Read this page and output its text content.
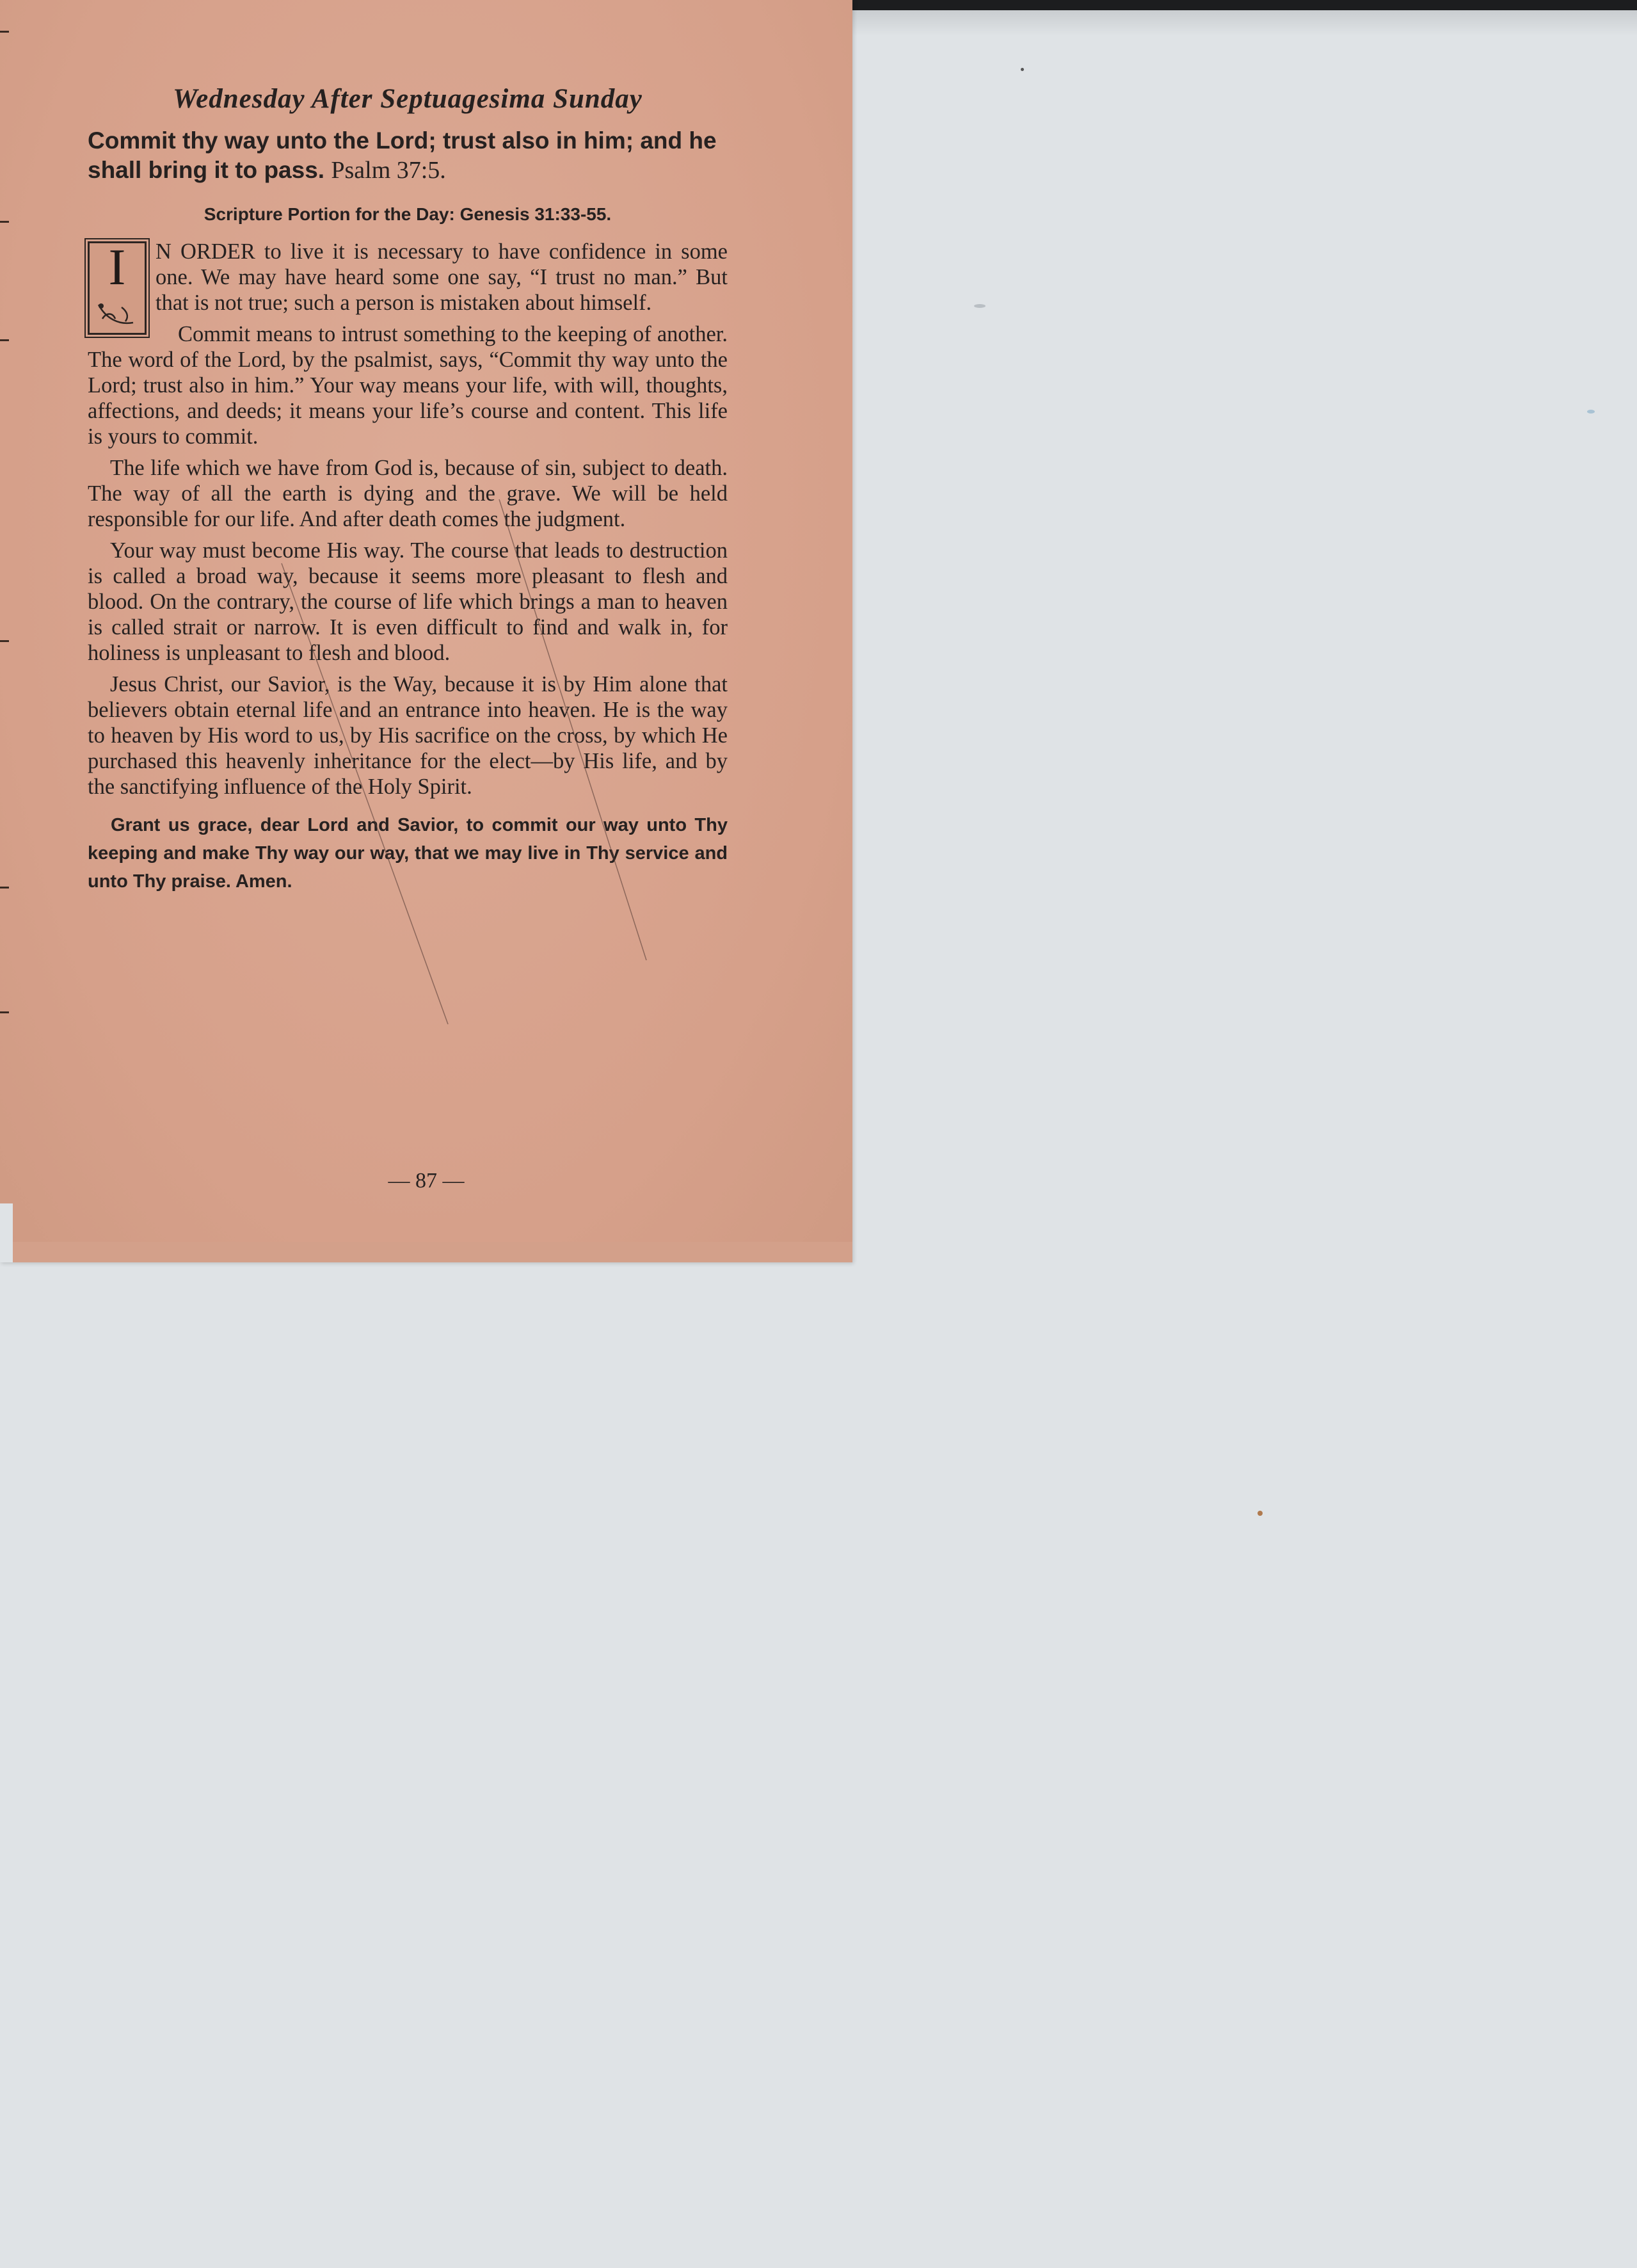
Wednesday After Septuagesima Sunday

Commit thy way unto the Lord; trust also in him; and he shall bring it to pass. Psalm 37:5.

Scripture Portion for the Day: Genesis 31:33-55.

I	N ORDER to live it is necessary to have confidence in some one. We may have heard some one say, “I trust no man.” But that is not true; such a person is mistaken about himself.

Commit means to intrust something to the keeping of another. The word of the Lord, by the psalmist, says, “Commit thy way unto the Lord; trust also in him.” Your way means your life, with will, thoughts, affections, and deeds; it means your life’s course and content. This life is yours to commit.

The life which we have from God is, because of sin, subject to death. The way of all the earth is dying and the grave. We will be held responsible for our life. And after death comes the judgment.

Your way must become His way. The course that leads to destruction is called a broad way, because it seems more pleasant to flesh and blood. On the contrary, the course of life which brings a man to heaven is called strait or narrow. It is even difficult to find and walk in, for holiness is unpleasant to flesh and blood.

Jesus Christ, our Savior, is the Way, because it is by Him alone that believers obtain eternal life and an entrance into heaven. He is the way to heaven by His word to us, by His sacrifice on the cross, by which He purchased this heavenly inheritance for the elect—by His life, and by the sanctifying influence of the Holy Spirit.

Grant us grace, dear Lord and Savior, to commit our way unto Thy keeping and make Thy way our way, that we may live in Thy service and unto Thy praise. Amen.

— 87 —
